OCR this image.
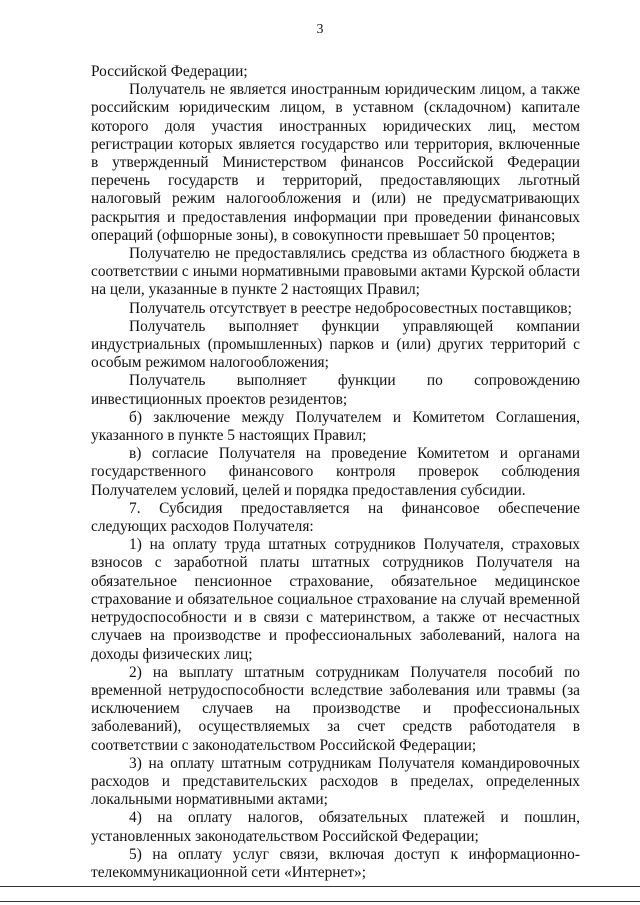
3

Российской Федерации;

Получатель не является иностранным юридическим лицом, а также российским юридическим лицом, в уставном (складочном) капитале которого доля участия иностранных юридических лиц, местом регистрации которых является государство или территория, включенные в утвержденный Министерством финансов Российской Федерации перечень государств и территорий, предоставляющих льготный налоговый режим налогообложения и (или) не предусматривающих раскрытия и предоставления информации при проведении финансовых операций (офшорные зоны), в совокупности превышает 50 процентов;

Получателю не предоставлялись средства из областного бюджета в соответствии с иными нормативными правовыми актами Курской области на цели, указанные в пункте 2 настоящих Правил;

Получатель отсутствует в реестре недобросовестных поставщиков;

Получатель выполняет функции управляющей компании индустриальных (промышленных) парков и (или) других территорий с особым режимом налогообложения;

Получатель выполняет функции по сопровождению инвестиционных проектов резидентов;

б) заключение между Получателем и Комитетом Соглашения, указанного в пункте 5 настоящих Правил;

в) согласие Получателя на проведение Комитетом и органами государственного финансового контроля проверок соблюдения Получателем условий, целей и порядка предоставления субсидии.

7. Субсидия предоставляется на финансовое обеспечение следующих расходов Получателя:

1) на оплату труда штатных сотрудников Получателя, страховых взносов с заработной платы штатных сотрудников Получателя на обязательное пенсионное страхование, обязательное медицинское страхование и обязательное социальное страхование на случай временной нетрудоспособности и в связи с материнством, а также от несчастных случаев на производстве и профессиональных заболеваний, налога на доходы физических лиц;

2) на выплату штатным сотрудникам Получателя пособий по временной нетрудоспособности вследствие заболевания или травмы (за исключением случаев на производстве и профессиональных заболеваний), осуществляемых за счет средств работодателя в соответствии с законодательством Российской Федерации;

3) на оплату штатным сотрудникам Получателя командировочных расходов и представительских расходов в пределах, определенных локальными нормативными актами;

4) на оплату налогов, обязательных платежей и пошлин, установленных законодательством Российской Федерации;

5) на оплату услуг связи, включая доступ к информационно-телекоммуникационной сети «Интернет»;
